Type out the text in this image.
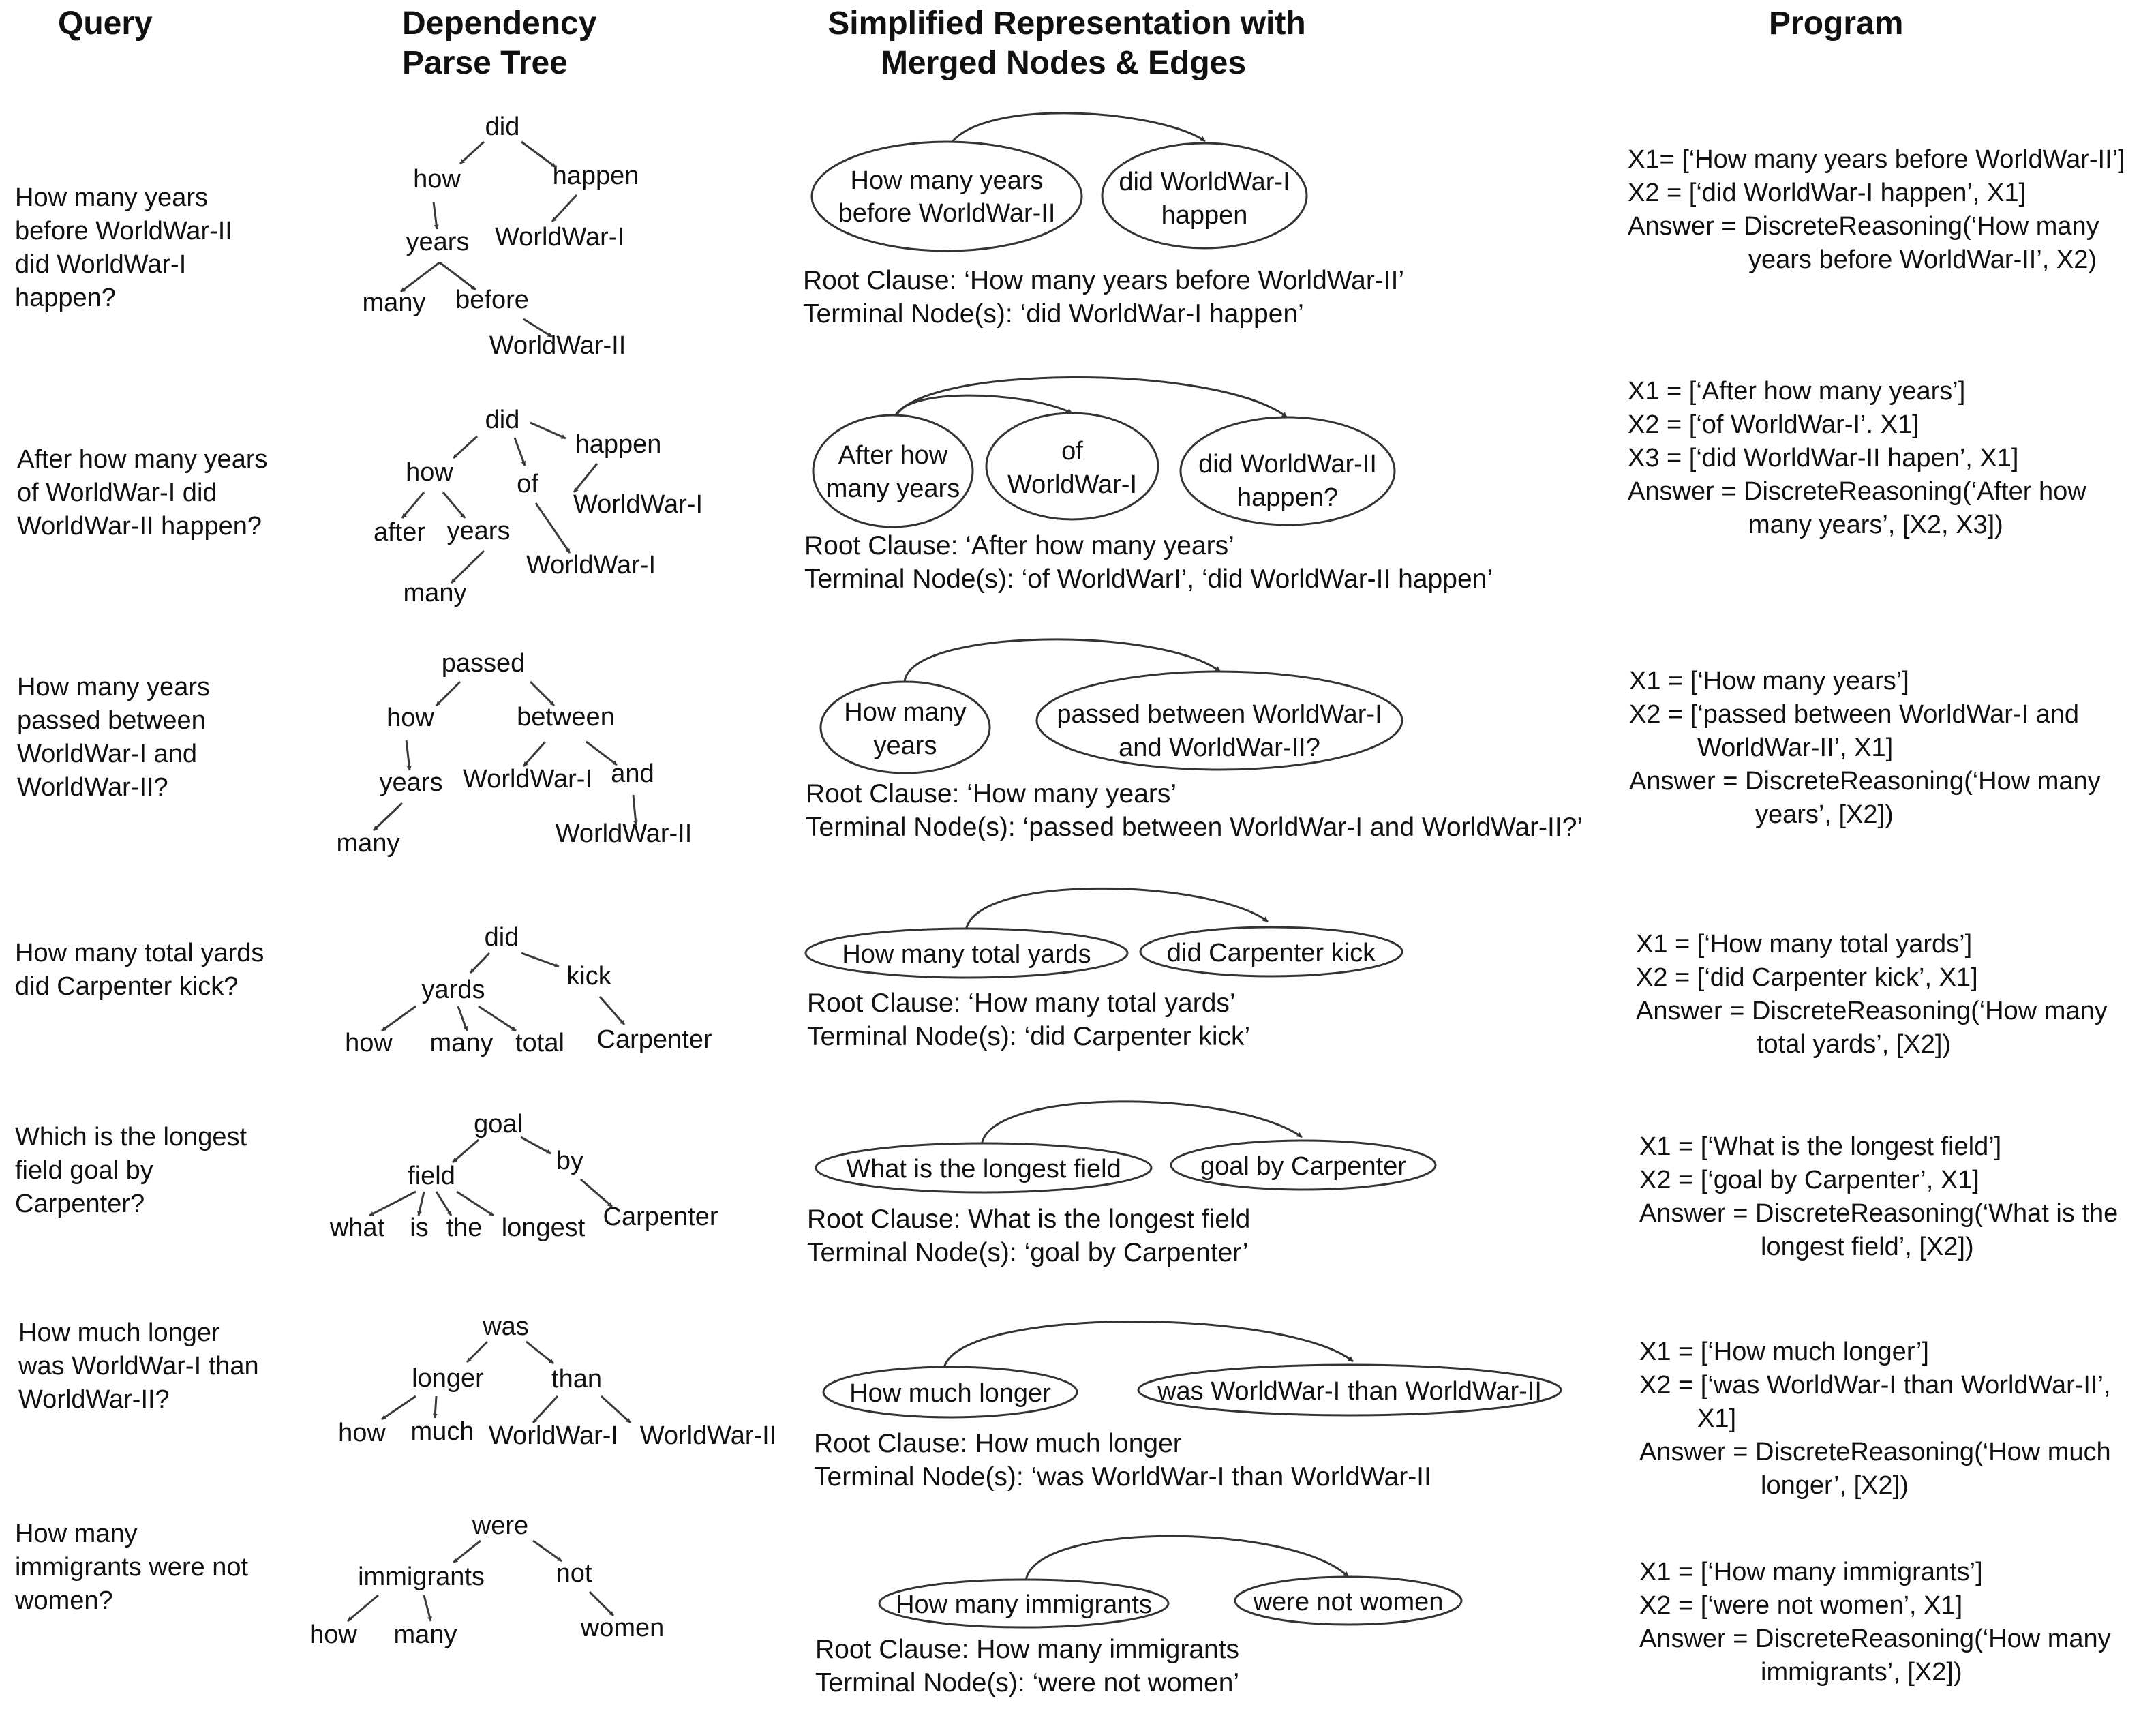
Query	Dependency
Parse Tree
Simplified Representation with
Merged Nodes & Edges
Program
How many years
before WorldWar-II
did WorldWar-I
happen?
did
how	happen
years WorldWar-I
many before
WorldWar-II
How many years
before WorldWar-II
did WorldWar-I
happen
Root Clause: ‘How many years before WorldWar-II’
Terminal Node(s): ‘did WorldWar-I happen’
X1= [‘How many years before WorldWar-II’]
X2 = [‘did WorldWar-I happen’, X1]
Answer = DiscreteReasoning(‘How many
years before WorldWar-II’, X2)
After how many years
of WorldWar-I did
WorldWar-II happen?
did
happen
how of
WorldWar-I
after years
WorldWar-I
many
After how
many years
of
WorldWar-I
did WorldWar-II
happen?
Root Clause: ‘After how many years’
Terminal Node(s): ‘of WorldWarI’, ‘did WorldWar-II happen’
X1 = [‘After how many years’]
X2 = [‘of WorldWar-I’. X1]
X3 = [‘did WorldWar-II hapen’, X1]
Answer = DiscreteReasoning(‘After how
many years’, [X2, X3])
How many years
passed between
WorldWar-I and
WorldWar-II?
passed
how	between
years WorldWar-I and
many	WorldWar-II
How many
years
passed between WorldWar-I
and WorldWar-II?
Root Clause: ‘How many years’
Terminal Node(s): ‘passed between WorldWar-I and WorldWar-II?’
X1 = [‘How many years’]
X2 = [‘passed between WorldWar-I and
WorldWar-II’, X1]
Answer = DiscreteReasoning(‘How many
years’, [X2])
How many total yards
did Carpenter kick?
did
yards	kick
how many total Carpenter
How many total yards	did Carpenter kick
Root Clause: ‘How many total yards’
Terminal Node(s): ‘did Carpenter kick’
X1 = [‘How many total yards’]
X2 = [‘did Carpenter kick’, X1]
Answer = DiscreteReasoning(‘How many
total yards’, [X2])
Which is the longest
field goal by
Carpenter?
goal
by
field
Carpenter
what is the longest
What is the longest field	goal by Carpenter
Root Clause: What is the longest field
Terminal Node(s): ‘goal by Carpenter’
X1 = [‘What is the longest field’]
X2 = [‘goal by Carpenter’, X1]
Answer = DiscreteReasoning(‘What is the
longest field’, [X2])
How much longer
was WorldWar-I than
WorldWar-II?
was
longer	than
how much WorldWar-I WorldWar-II
How much longer	was WorldWar-I than WorldWar-II
Root Clause: How much longer
Terminal Node(s): ‘was WorldWar-I than WorldWar-II
X1 = [‘How much longer’]
X2 = [‘was WorldWar-I than WorldWar-II’,
X1]
Answer = DiscreteReasoning(‘How much
longer’, [X2])
How many
immigrants were not
women?
were
immigrants	not
how many	women
How many immigrants	were not women
Root Clause: How many immigrants
Terminal Node(s): ‘were not women’
X1 = [‘How many immigrants’]
X2 = [‘were not women’, X1]
Answer = DiscreteReasoning(‘How many
immigrants’, [X2])
